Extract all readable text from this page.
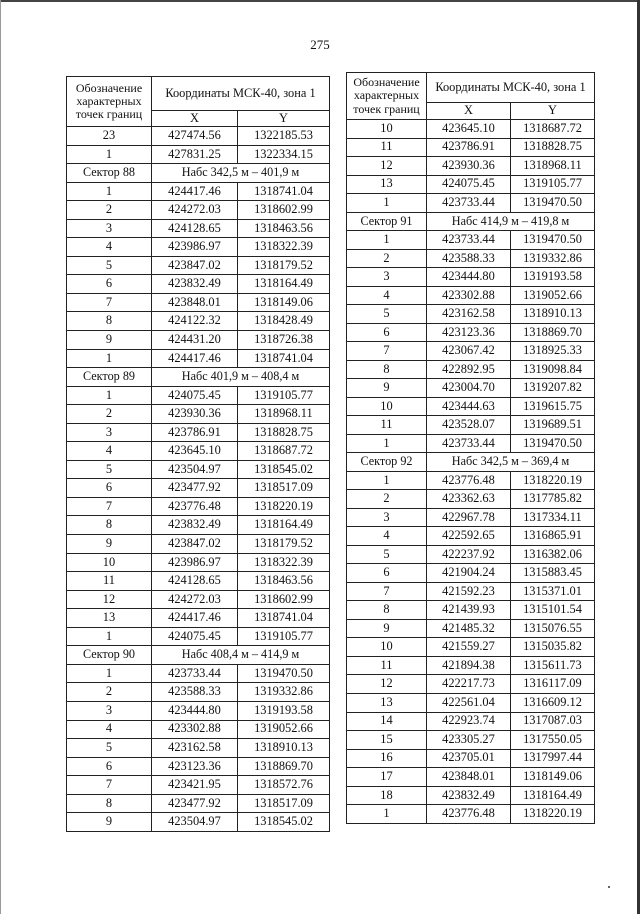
275
Обозначение характерных точек границ	Координаты МСК-40, зона 1	
	X	Y
23	427474.56	1322185.53
1	427831.25	1322334.15
Сектор 88	Набс 342,5 м – 401,9 м	
1	424417.46	1318741.04
2	424272.03	1318602.99
3	424128.65	1318463.56
4	423986.97	1318322.39
5	423847.02	1318179.52
6	423832.49	1318164.49
7	423848.01	1318149.06
8	424122.32	1318428.49
9	424431.20	1318726.38
1	424417.46	1318741.04
Сектор 89	Набс 401,9 м – 408,4 м	
1	424075.45	1319105.77
2	423930.36	1318968.11
3	423786.91	1318828.75
4	423645.10	1318687.72
5	423504.97	1318545.02
6	423477.92	1318517.09
7	423776.48	1318220.19
8	423832.49	1318164.49
9	423847.02	1318179.52
10	423986.97	1318322.39
11	424128.65	1318463.56
12	424272.03	1318602.99
13	424417.46	1318741.04
1	424075.45	1319105.77
Сектор 90	Набс 408,4 м – 414,9 м	
1	423733.44	1319470.50
2	423588.33	1319332.86
3	423444.80	1319193.58
4	423302.88	1319052.66
5	423162.58	1318910.13
6	423123.36	1318869.70
7	423421.95	1318572.76
8	423477.92	1318517.09
9	423504.97	1318545.02
Обозначение характерных точек границ	Координаты МСК-40, зона 1	
	X	Y
10	423645.10	1318687.72
11	423786.91	1318828.75
12	423930.36	1318968.11
13	424075.45	1319105.77
1	423733.44	1319470.50
Сектор 91	Набс 414,9 м – 419,8 м	
1	423733.44	1319470.50
2	423588.33	1319332.86
3	423444.80	1319193.58
4	423302.88	1319052.66
5	423162.58	1318910.13
6	423123.36	1318869.70
7	423067.42	1318925.33
8	422892.95	1319098.84
9	423004.70	1319207.82
10	423444.63	1319615.75
11	423528.07	1319689.51
1	423733.44	1319470.50
Сектор 92	Набс 342,5 м – 369,4 м	
1	423776.48	1318220.19
2	423362.63	1317785.82
3	422967.78	1317334.11
4	422592.65	1316865.91
5	422237.92	1316382.06
6	421904.24	1315883.45
7	421592.23	1315371.01
8	421439.93	1315101.54
9	421485.32	1315076.55
10	421559.27	1315035.82
11	421894.38	1315611.73
12	422217.73	1316117.09
13	422561.04	1316609.12
14	422923.74	1317087.03
15	423305.27	1317550.05
16	423705.01	1317997.44
17	423848.01	1318149.06
18	423832.49	1318164.49
1	423776.48	1318220.19
